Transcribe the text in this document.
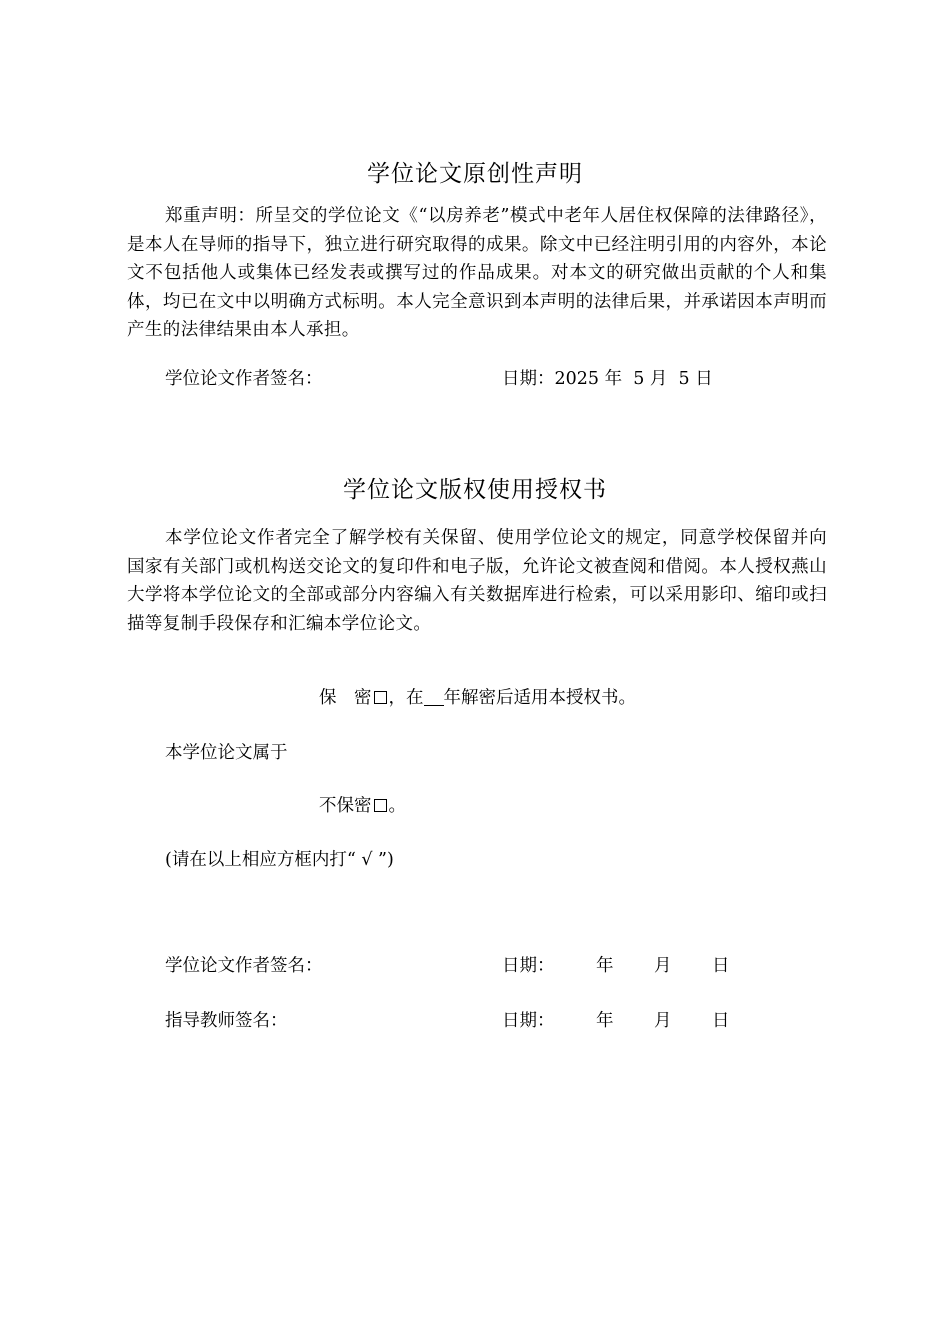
学位论文原创性声明
郑重声明：所呈交的学位论文《“以房养老”模式中老年人居住权保障的法律路径》，是本人在导师的指导下，独立进行研究取得的成果。除文中已经注明引用的内容外，本论文不包括他人或集体已经发表或撰写过的作品成果。对本文的研究做出贡献的个人和集体，均已在文中以明确方式标明。本人完全意识到本声明的法律后果，并承诺因本声明而产生的法律结果由本人承担。
学位论文作者签名：	日期：2025 年  5 月  5 日
学位论文版权使用授权书
本学位论文作者完全了解学校有关保留、使用学位论文的规定，同意学校保留并向国家有关部门或机构送交论文的复印件和电子版，允许论文被查阅和借阅。本人授权燕山大学将本学位论文的全部或部分内容编入有关数据库进行检索，可以采用影印、缩印或扫描等复制手段保存和汇编本学位论文。
保　密 ，在 年解密后适用本授权书。
本学位论文属于
不保密 。
(请在以上相应方框内打“ √ ”)
学位论文作者签名：	日期： 年 月 日
指导教师签名：	日期： 年 月 日
